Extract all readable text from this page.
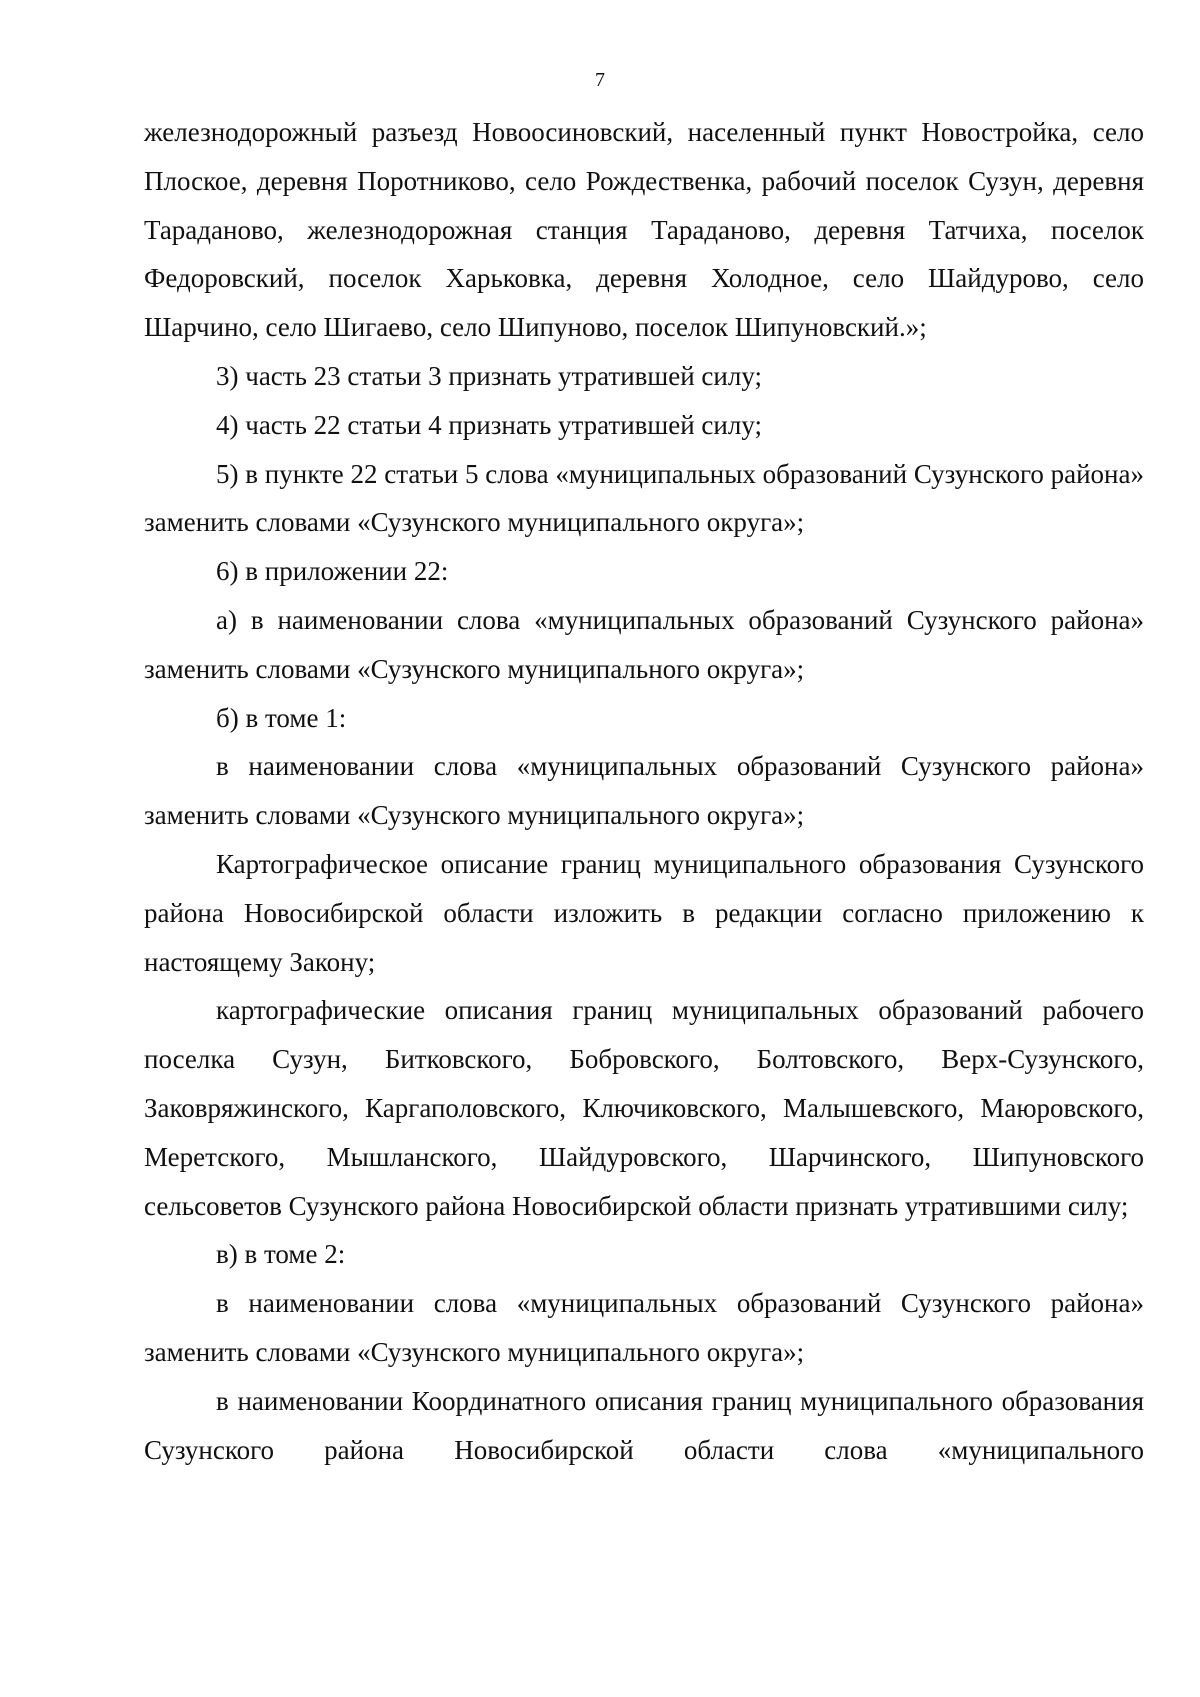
7

железнодорожный разъезд Новоосиновский, населенный пункт Новостройка, село Плоское, деревня Поротниково, село Рождественка, рабочий поселок Сузун, деревня Тараданово, железнодорожная станция Тараданово, деревня Татчиха, поселок Федоровский, поселок Харьковка, деревня Холодное, село Шайдурово, село Шарчино, село Шигаево, село Шипуново, поселок Шипуновский.»;

3) часть 23 статьи 3 признать утратившей силу;

4) часть 22 статьи 4 признать утратившей силу;

5) в пункте 22 статьи 5 слова «муниципальных образований Сузунского района» заменить словами «Сузунского муниципального округа»;

6) в приложении 22:

а) в наименовании слова «муниципальных образований Сузунского района» заменить словами «Сузунского муниципального округа»;

б) в томе 1:

в наименовании слова «муниципальных образований Сузунского района» заменить словами «Сузунского муниципального округа»;

Картографическое описание границ муниципального образования Сузунского района Новосибирской области изложить в редакции согласно приложению к настоящему Закону;

картографические описания границ муниципальных образований рабочего поселка Сузун, Битковского, Бобровского, Болтовского, Верх-Сузунского, Заковряжинского, Каргаполовского, Ключиковского, Малышевского, Маюровского, Меретского, Мышланского, Шайдуровского, Шарчинского, Шипуновского сельсоветов Сузунского района Новосибирской области признать утратившими силу;

в) в томе 2:

в наименовании слова «муниципальных образований Сузунского района» заменить словами «Сузунского муниципального округа»;

в наименовании Координатного описания границ муниципального образования Сузунского района Новосибирской области слова «муниципального
